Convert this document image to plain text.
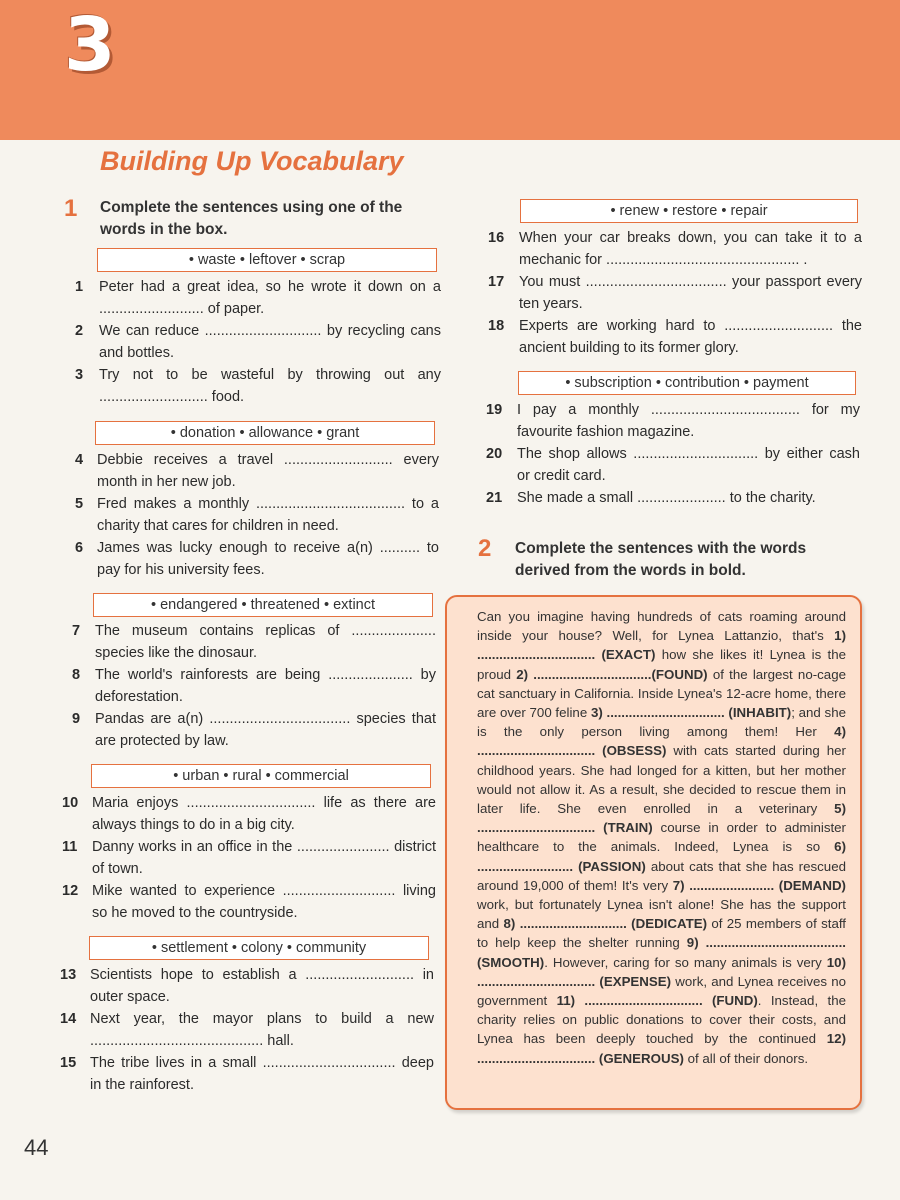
3
Building Up Vocabulary
1 Complete the sentences using one of the words in the box.
• waste • leftover • scrap
1 Peter had a great idea, so he wrote it down on a .......................... of paper.
2 We can reduce ............................. by recycling cans and bottles.
3 Try not to be wasteful by throwing out any ........................... food.
• donation • allowance • grant
4 Debbie receives a travel ........................... every month in her new job.
5 Fred makes a monthly ..................................... to a charity that cares for children in need.
6 James was lucky enough to receive a(n) .......... to pay for his university fees.
• endangered • threatened • extinct
7 The museum contains replicas of ..................... species like the dinosaur.
8 The world's rainforests are being ..................... by deforestation.
9 Pandas are a(n) ................................... species that are protected by law.
• urban • rural • commercial
10 Maria enjoys ................................ life as there are always things to do in a big city.
11 Danny works in an office in the ....................... district of town.
12 Mike wanted to experience ............................ living so he moved to the countryside.
• settlement • colony • community
13 Scientists hope to establish a ........................... in outer space.
14 Next year, the mayor plans to build a new ........................................... hall.
15 The tribe lives in a small ................................. deep in the rainforest.
• renew • restore • repair
16 When your car breaks down, you can take it to a mechanic for ................................................ .
17 You must ................................... your passport every ten years.
18 Experts are working hard to ........................... the ancient building to its former glory.
• subscription • contribution • payment
19 I pay a monthly ..................................... for my favourite fashion magazine.
20 The shop allows ............................... by either cash or credit card.
21 She made a small ...................... to the charity.
2 Complete the sentences with the words derived from the words in bold.

Can you imagine having hundreds of cats roaming around inside your house? Well, for Lynea Lattanzio, that's 1) ................................ (EXACT) how she likes it! Lynea is the proud 2) ................................(FOUND) of the largest no-cage cat sanctuary in California. Inside Lynea's 12-acre home, there are over 700 feline 3) ................................ (INHABIT); and she is the only person living among them! Her 4) ................................ (OBSESS) with cats started during her childhood years. She had longed for a kitten, but her mother would not allow it. As a result, she decided to rescue them in later life. She even enrolled in a veterinary 5) ................................ (TRAIN) course in order to administer healthcare to the animals. Indeed, Lynea is so 6) .......................... (PASSION) about cats that she has rescued around 19,000 of them! It's very 7) ....................... (DEMAND) work, but fortunately Lynea isn't alone! She has the support and 8) ............................. (DEDICATE) of 25 members of staff to help keep the shelter running 9) ...................................... (SMOOTH). However, caring for so many animals is very 10) ................................ (EXPENSE) work, and Lynea receives no government 11) ................................ (FUND). Instead, the charity relies on public donations to cover their costs, and Lynea has been deeply touched by the continued 12) ................................ (GENEROUS) of all of their donors.

44
